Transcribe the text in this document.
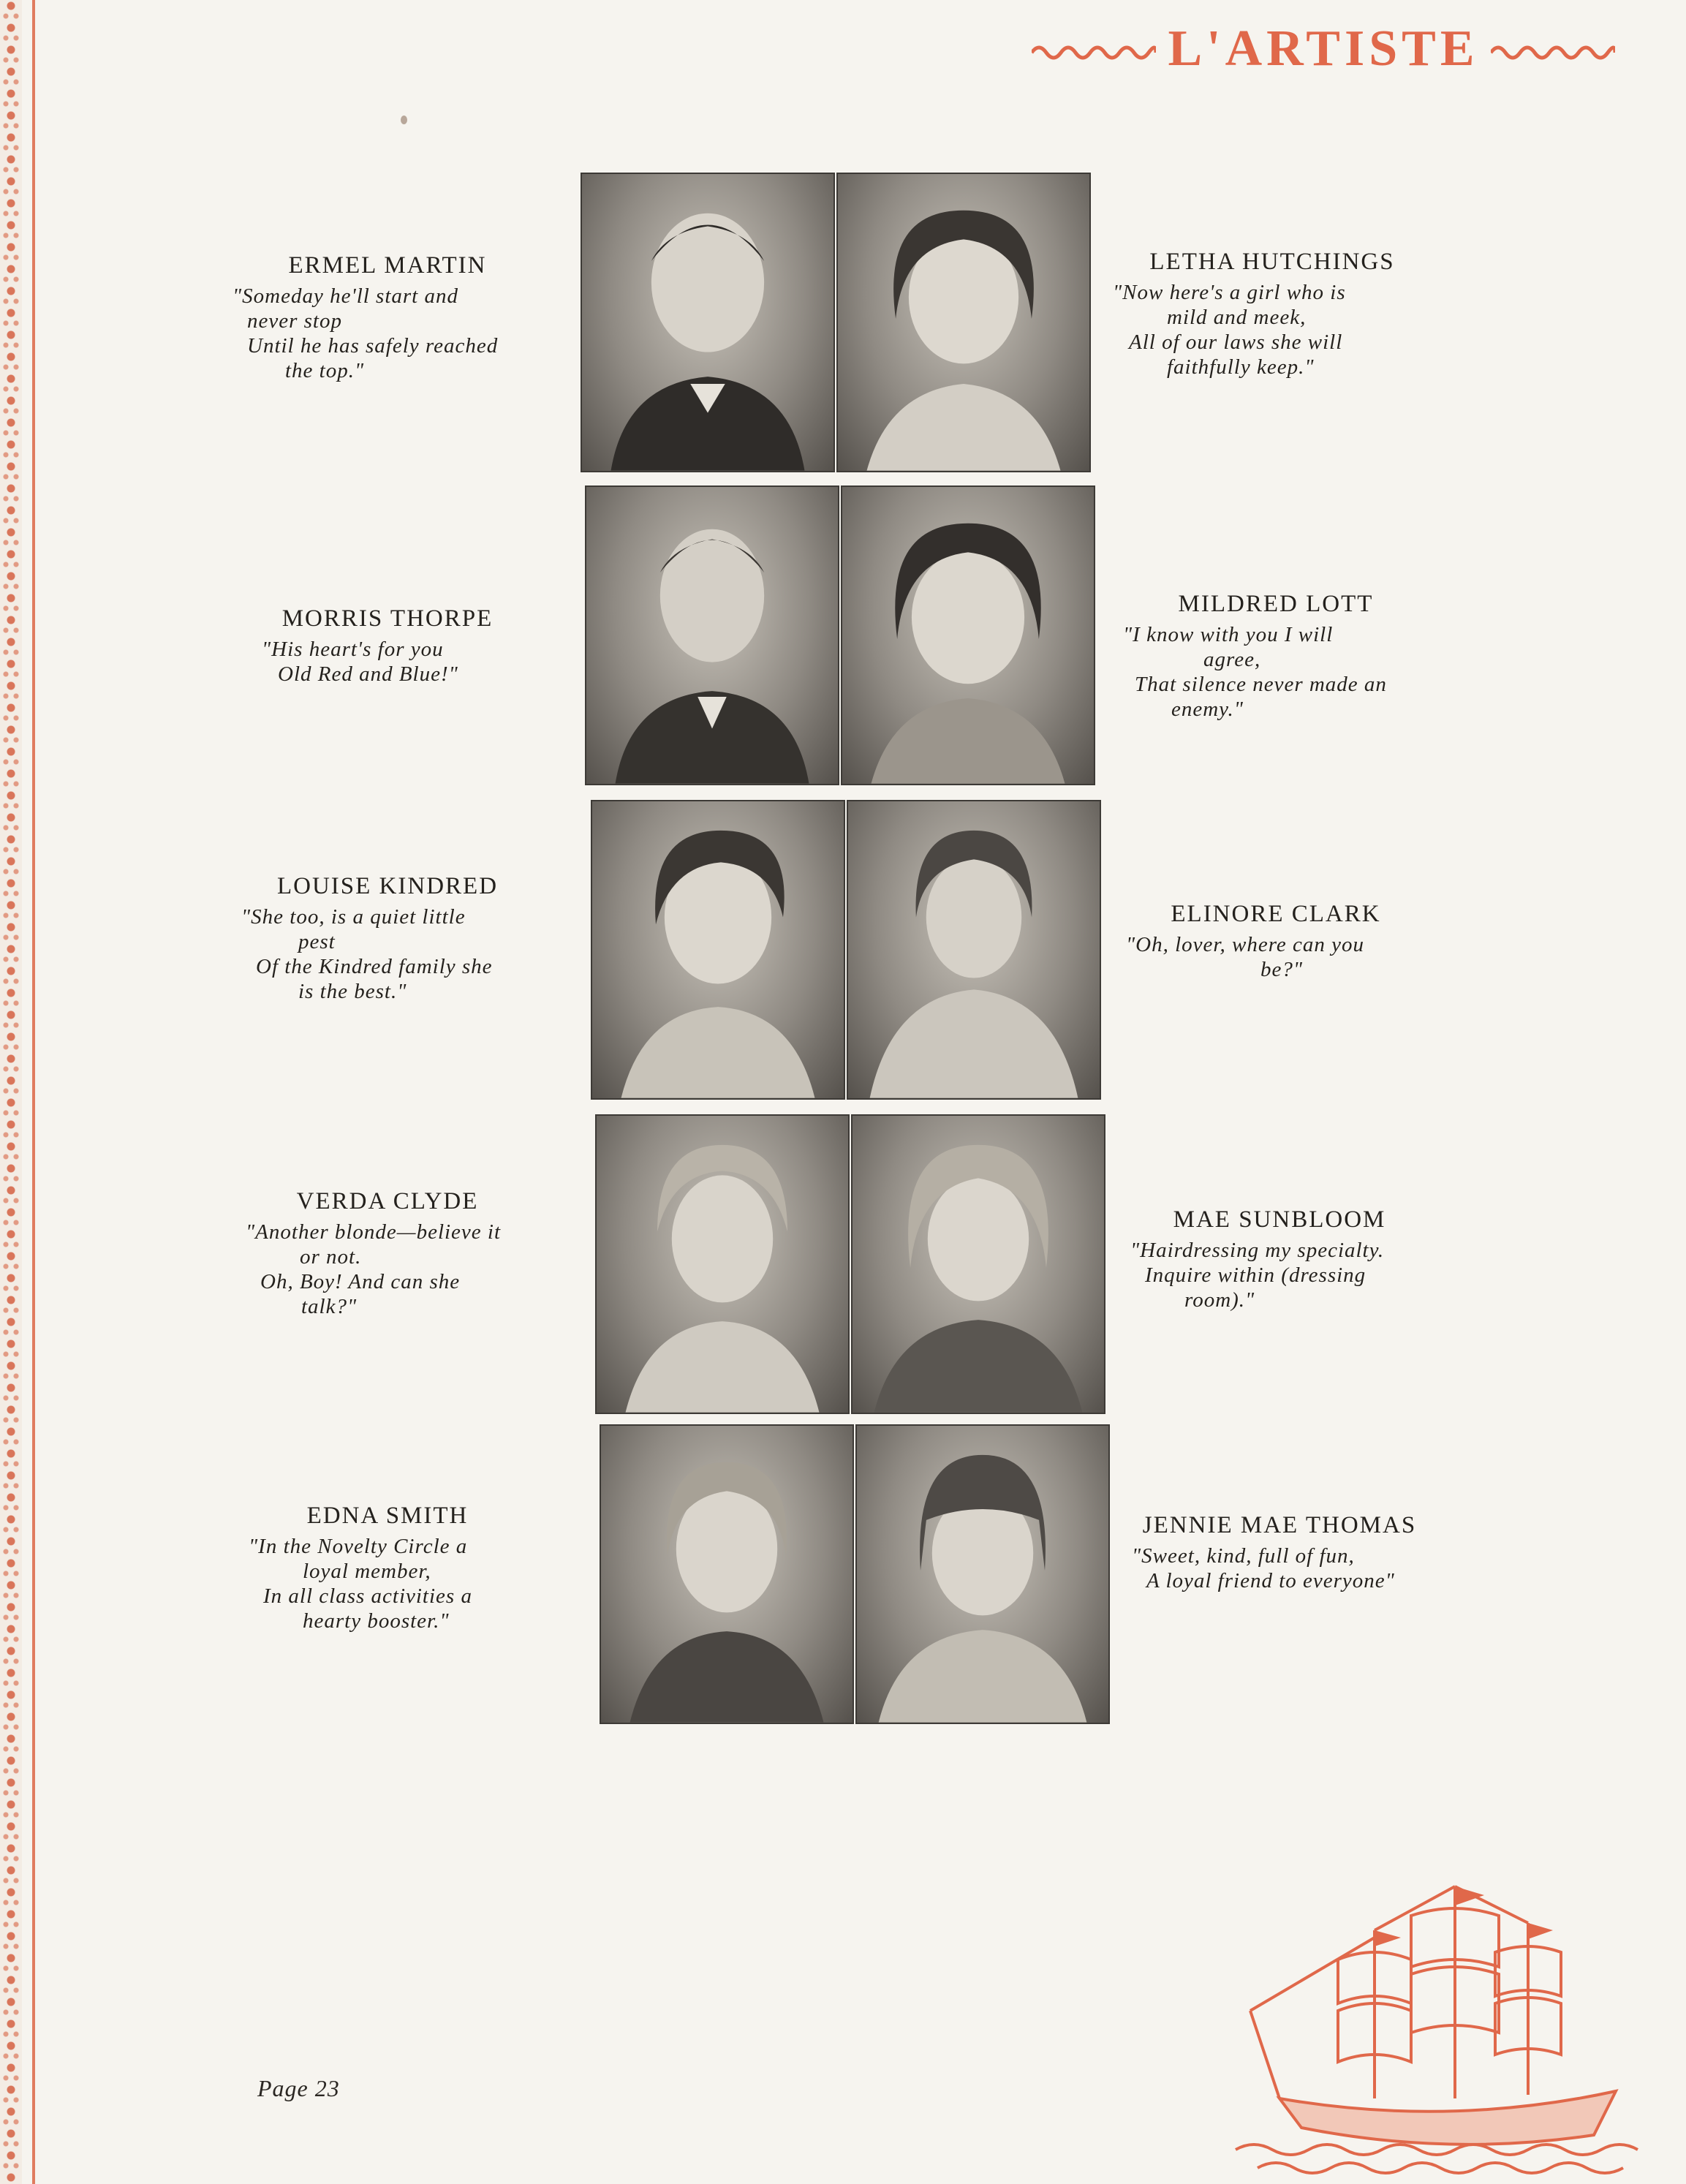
L'ARTISTE
ERMEL MARTIN
"Someday he'll start and
never stop
Until he has safely reached
the top."
MORRIS THORPE
"His heart's for you
Old Red and Blue!"
LOUISE KINDRED
"She too, is a quiet little
pest
Of the Kindred family she
is the best."
VERDA CLYDE
"Another blonde—believe it
or not.
Oh, Boy! And can she
talk?"
EDNA SMITH
"In the Novelty Circle a
loyal member,
In all class activities a
hearty booster."
LETHA HUTCHINGS
"Now here's a girl who is
mild and meek,
All of our laws she will
faithfully keep."
MILDRED LOTT
"I know with you I will
agree,
That silence never made an
enemy."
ELINORE CLARK
"Oh, lover, where can you
be?"
MAE SUNBLOOM
"Hairdressing my specialty.
Inquire within (dressing
room)."
JENNIE MAE THOMAS
"Sweet, kind, full of fun,
A loyal friend to everyone"
Page 23
